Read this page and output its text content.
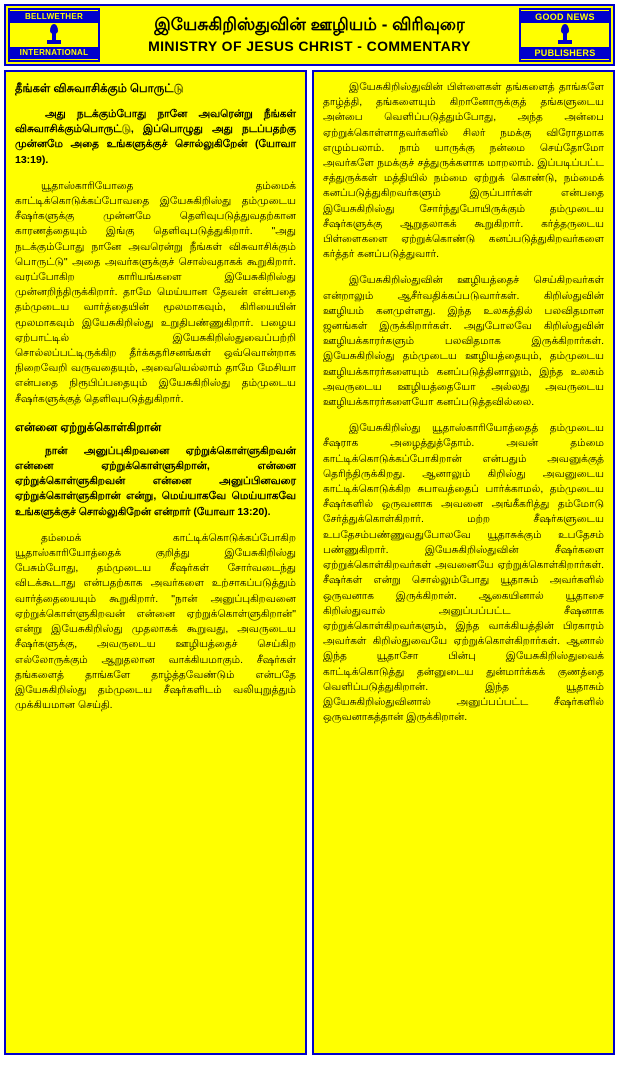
BELLWETHER
INTERNATIONAL
இயேசுகிறிஸ்துவின் ஊழியம் - விரிவுரை
MINISTRY OF JESUS CHRIST - COMMENTARY
GOOD NEWS
PUBLISHERS
தீங்கள் விசுவாசிக்கும் பொருட்டு

அது நடக்கும்போது நானே அவரென்று நீங்கள் விசுவாசிக்கும்பொருட்டு, இப்பொழுது அது நடப்பதற்கு முன்னமே அதை உங்களுக்குச் சொல்லுகிறேன் (யோவா 13:19).

யூதாஸ்காரியோதை தம்மைக் காட்டிக்கொடுக்கப்போவதை இயேசுகிறிஸ்து தம்முடைய சீஷர்களுக்கு முன்னமே தெளிவுபடுத்துவதற்கான காரணத்தையும் இங்கு தெளிவுபடுத்துகிறார். "அது நடக்கும்போது நானே அவரென்று நீங்கள் விசுவாசிக்கும் பொருட்டு" அதை அவர்களுக்குச் சொல்வதாகக் கூறுகிறார். வரப்போகிற காரியங்களை இயேசுகிறிஸ்து முன்னறிந்திருக்கிறார். தாமே மெய்யான தேவன் என்பதை தம்முடைய வார்த்தையின் மூலமாகவும், கிரியையின் மூலமாகவும் இயேசுகிறிஸ்து உறுதிபண்ணுகிறார். பழைய ஏற்பாட்டில் இயேசுகிறிஸ்துவைப்பற்றி சொல்லப்பட்டிருக்கிற தீர்க்கதரிசனங்கள் ஒவ்வொன்றாக நிறைவேறி வருவதையும், அவையெல்லாம் தாமே மேசியா என்பதை நிரூபிப்பதையும் இயேசுகிறிஸ்து தம்முடைய சீஷர்களுக்குத் தெளிவுபடுத்துகிறார்.

என்னை ஏற்றுக்கொள்கிறான்

நான் அனுப்புகிறவனை ஏற்றுக்கொள்ளுகிறவன் என்னை ஏற்றுக்கொள்ளுகிறான், என்னை ஏற்றுக்கொள்ளுகிறவன் என்னை அனுப்பினவரை ஏற்றுக்கொள்ளுகிறான் என்று, மெய்யாகவே மெய்யாகவே உங்களுக்குச் சொல்லுகிறேன் என்றார் (யோவா 13:20).

தம்மைக் காட்டிக்கொடுக்கப்போகிற யூதாஸ்காரியோத்தைக் குறித்து இயேசுகிறிஸ்து பேசும்போது, தம்முடைய சீஷர்கள் சோர்வடைந்து விடக்கூடாது என்பதற்காக அவர்களை உற்சாகப்படுத்தும் வார்த்தையையும் கூறுகிறார். "நான் அனுப்புகிறவனை ஏற்றுக்கொள்ளுகிறவன் என்னை ஏற்றுக்கொள்ளுகிறான்" என்று இயேசுகிறிஸ்து முதலாகக் கூறுவது, அவருடைய சீஷர்களுக்கு, அவருடைய ஊழியத்தைச் செய்கிற எல்லோருக்கும் ஆறுதலான வாக்கியமாகும். சீஷர்கள் தங்களைத் தாங்களே தாழ்த்தவேண்டும் என்பதே இயேசுகிறிஸ்து தம்முடைய சீஷர்களிடம் வலியுறுத்தும் முக்கியமான செய்தி.

இயேசுகிறிஸ்துவின் பிள்ளைகள் தங்களைத் தாங்களே தாழ்த்தி, தங்களையும் கிறானோருக்குத் தங்களுடைய அன்பை வெளிப்படுத்தும்போது, அந்த அன்பை ஏற்றுக்கொள்ளாதவர்களில் சிலர் நமக்கு விரோதமாக எழும்பலாம். நாம் யாருக்கு நன்மை செய்தோமோ அவர்களே நமக்குச் சத்துருக்களாக மாறலாம். இப்படிப்பட்ட சத்துருக்கள் மத்தியில் நம்மை ஏற்றுக் கொண்டு, நம்மைக் கனப்படுத்துகிறவர்களும் இருப்பார்கள் என்பதை இயேசுகிறிஸ்து சோர்ந்துபோயிருக்கும் தம்முடைய சீஷர்களுக்கு ஆறுதலாகக் கூறுகிறார். கர்த்தருடைய பிள்ளைகளை ஏற்றுக்கொண்டு கனப்படுத்துகிறவர்களை கர்த்தர் கனப்படுத்துவார்.

இயேசுகிறிஸ்துவின் ஊழியத்தைச் செய்கிறவர்கள் என்றாலும் ஆசீர்வதிக்கப்படுவார்கள். கிறிஸ்துவின் ஊழியம் கனமுள்ளது. இந்த உலகத்தில் பலவிதமான ஜனங்கள் இருக்கிறார்கள். அதுபோலவே கிறிஸ்துவின் ஊழியக்காரர்களும் பலவிதமாக இருக்கிறார்கள். இயேசுகிறிஸ்து தம்முடைய ஊழியத்தையும், தம்முடைய ஊழியக்காரர்களையும் கனப்படுத்தினாலும், இந்த உலகம் அவருடைய ஊழியத்தையோ அல்லது அவருடைய ஊழியக்காரர்களையோ கனப்படுத்தவில்லை.

இயேசுகிறிஸ்து யூதாஸ்காரியோத்தைத் தம்முடைய சீஷராக அழைத்துத்தோம். அவன் தம்மை காட்டிக்கொடுக்கப்போகிறான் என்பதும் அவனுக்குத் தெரிந்திருக்கிறது. ஆனாலும் கிறிஸ்து அவனுடைய காட்டிக்கொடுக்கிற சுபாவத்தைப் பார்க்காமல், தம்முடைய சீஷர்களில் ஒருவனாக அவனை அங்கீகரித்து தம்மோடு சேர்த்துக்கொள்கிறார். மற்ற சீஷர்களுடைய உபதேசம்பண்ணுவதுபோலவே யூதாசுக்கும் உபதேசம் பண்ணுகிறார். இயேசுகிறிஸ்துவின் சீஷர்களை ஏற்றுக்கொள்கிறவர்கள் அவனையே ஏற்றுக்கொள்கிறார்கள். சீஷர்கள் என்று சொல்லும்போது யூதாசும் அவர்களில் ஒருவனாக இருக்கிறான். ஆகையினால் யூதாசை கிறிஸ்துவால் அனுப்பப்பட்ட சீஷனாக ஏற்றுக்கொள்கிறவர்களும், இந்த வாக்கியத்தின் பிரகாரம் அவர்கள் கிறிஸ்துவையே ஏற்றுக்கொள்கிறார்கள். ஆனால் இந்த யூதாசோ பின்பு இயேசுகிறிஸ்துவைக் காட்டிக்கொடுத்து தன்னுடைய துன்மார்க்கக் குணத்தை வெளிப்படுத்துகிறான். இந்த யூதாசும் இயேசுகிறிஸ்துவினால் அனுப்பப்பட்ட சீஷர்களில் ஒருவனாகத்தான் இருக்கிறான்.
